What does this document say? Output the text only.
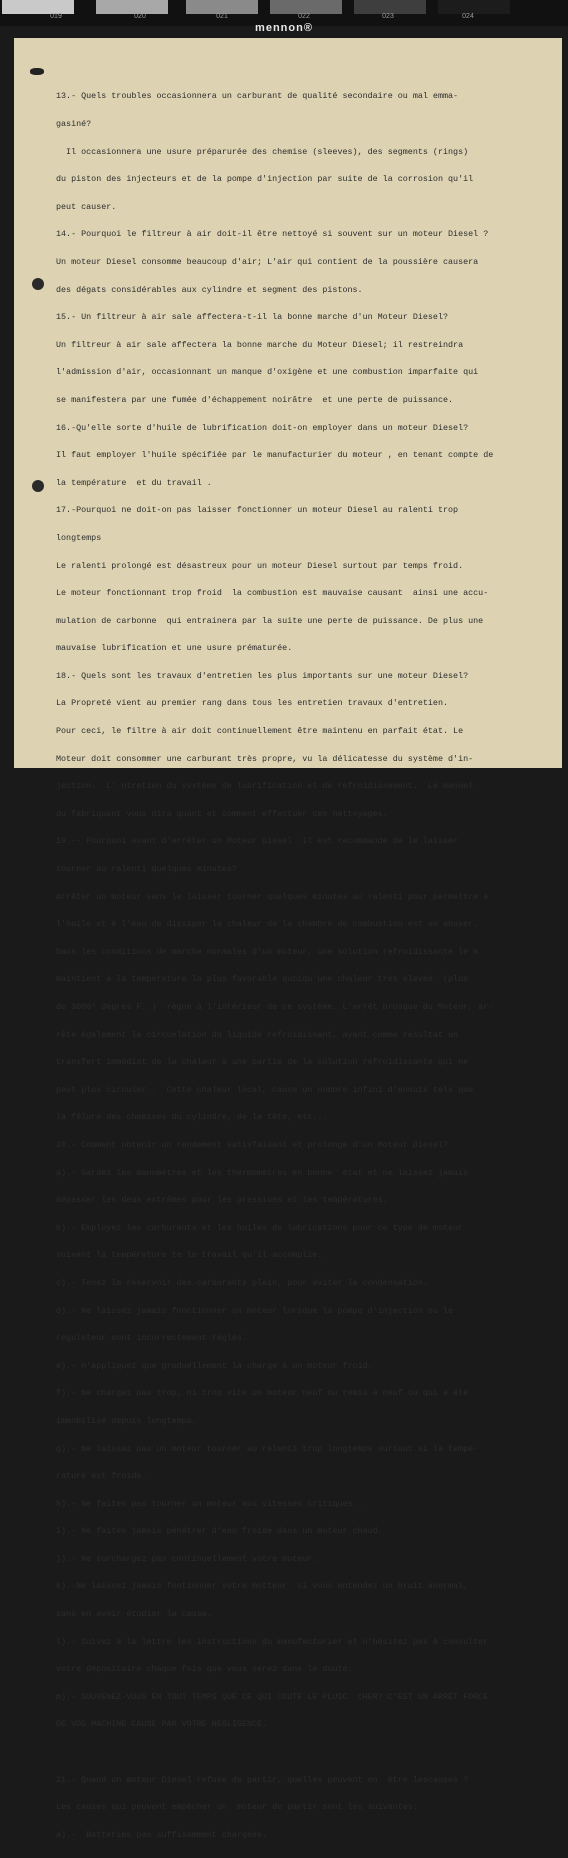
019	020	021	022	023	024
mennon®

13.- Quels troubles occasionnera un carburant de qualité secondaire ou mal emma-

gasiné?

Il occasionnera une usure préparurée des chemise (sleeves), des segments (rings)

du piston des injecteurs et de la pompe d'injection par suite de la corrosion qu'il

peut causer.

14.- Pourquoi le filtreur à air doit-il être nettoyé si souvent sur un moteur Diesel ?

Un moteur Diesel consomme beaucoup d'air; L'air qui contient de la poussière causera

des dégats considérables aux cylindre et segment des pistons.

15.- Un filtreur à air sale affectera-t-il la bonne marche d'un Moteur Diesel?

Un filtreur à air sale affectera la bonne marche du Moteur Diesel; il restreindra

l'admission d'air, occasionnant un manque d'oxigène et une combustion imparfaite qui

se manifestera par une fumée d'échappement noirâtre  et une perte de puissance.

16.-Qu'elle sorte d'huile de lubrification doit-on employer dans un moteur Diesel?

Il faut employer l'huile spécifiée par le manufacturier du moteur , en tenant compte de

la température  et du travail .

17.-Pourquoi ne doit-on pas laisser fonctionner un moteur Diesel au ralenti trop

longtemps

Le ralenti prolongé est désastreux pour un moteur Diesel surtout par temps froid.

Le moteur fonctionnant trop froid  la combustion est mauvaise causant  ainsi une accu-

mulation de carbonne  qui entrainera par la suite une perte de puissance. De plus une

mauvaise lubrification et une usure prématurée.

18.- Quels sont les travaux d'entretien les plus importants sur une moteur Diesel?

La Propreté vient au premier rang dans tous les entretien travaux d'entretien.

Pour ceci, le filtre à air doit continuellement être maintenu en parfait état. Le

Moteur doit consommer une carburant très propre, vu la délicatesse du système d'in-

jection.  L' ntretien du système de lubrification et de refroidissement.  Le manuel

du fabriquant vous dira quant et comment effectuer ces nettoyages.

19.-- Pourquoi avant d'arrêter un Moteur Diesel  il est recommandé de le laisser

tourner au ralenti quelques minutes?

Arrêter un moteur sans le laisser tourner quelques minutes au ralenti pour permettre à

l'huile et à l'eau de dissiper la chaleur de la chambre de combustion est un abuser.

Dans les conditions de marche normales d'un moteur, une solution refroidissante le m

maintient à la température la plus favorable quoiqu'une chaleur très élevée  (plus

de 3000° degrés F. )  règne à l'intérieur de ce système. L'arrêt brusque du Moteur, ar-

rête également la circuelation du liquide refroidissant, ayant comme résultat un

transfert immédiat de la chaleur à une partie de la solution refroidissante qui ne

peut plus circuler .  Cette chaleur local, cause un nombre infini d'ennuis tels que

la fêlure des chemises du cylindre, de la tête, etc...

20.- Comment obtenir un rendement satisfaisant et prolongé d'un Moteur Diesel?

a).- Gardez les manomètres et les thermomètres en bonne  état et ne laissez jamais

dépasser les deux extrêmes pour les pressions et les températures.

b).- Employez les carburants et les huiles de lubrications pour ce type de moteur

suivant la température te le travail qu'il accomplie.

c).- Tenez le réservoir des carburants plein, pour éviter la condensation.

d).- Ne laissez jamais fonctionner un moteur lorsque la pompe d'injection ou le

régulateur sont incorrectement réglés.

e).- n'appliquez que graduellement la charge à un moteur froid.

f).- Ne chargez pas trop, ni trop vite un moteur neuf ou remis à neuf ou qui a été

immobilisé depuis longtemps.

g).- Ne laissez pas un moteur tourner au ralenti trop longtemps surtout si la tempé-

rature est froide.

h).- Ne faites pas tourner un moteur aux vitesses critiques .

i).- Ne faites jamais pénétrer d'eau froide dans un moteur chaud.

j).- Ne surchargez pas continuellement votre moteur.

k).-Ne laissez jamais fontionner votre motteur  si vous entendez un bruit anormal,

sans en avoir étudier la cause.

l).- Suivez à la lettre les instructions du manufacturier et n'hésitez pas à consulter

votre dépositaire chaque fois que vous serez dans le doute.

m).- SOUVENEZ-VOUS EN TOUT TEMPS QUE CE QUI COUTE LE PLUSC  CHER? C'EST UN ARRÊT FORCE

DE VOS MACHINE CAUSE PAR VOTRE NEGLIGENCE.

21.- Quand un moteur Diesel refuse de partir, quelles peuvent en  être lescauses ?

Les causes qui peuvent empêcher un  moteur de partir sont les suivantes:

a).-  Batteries pas suffisamment chargées.
